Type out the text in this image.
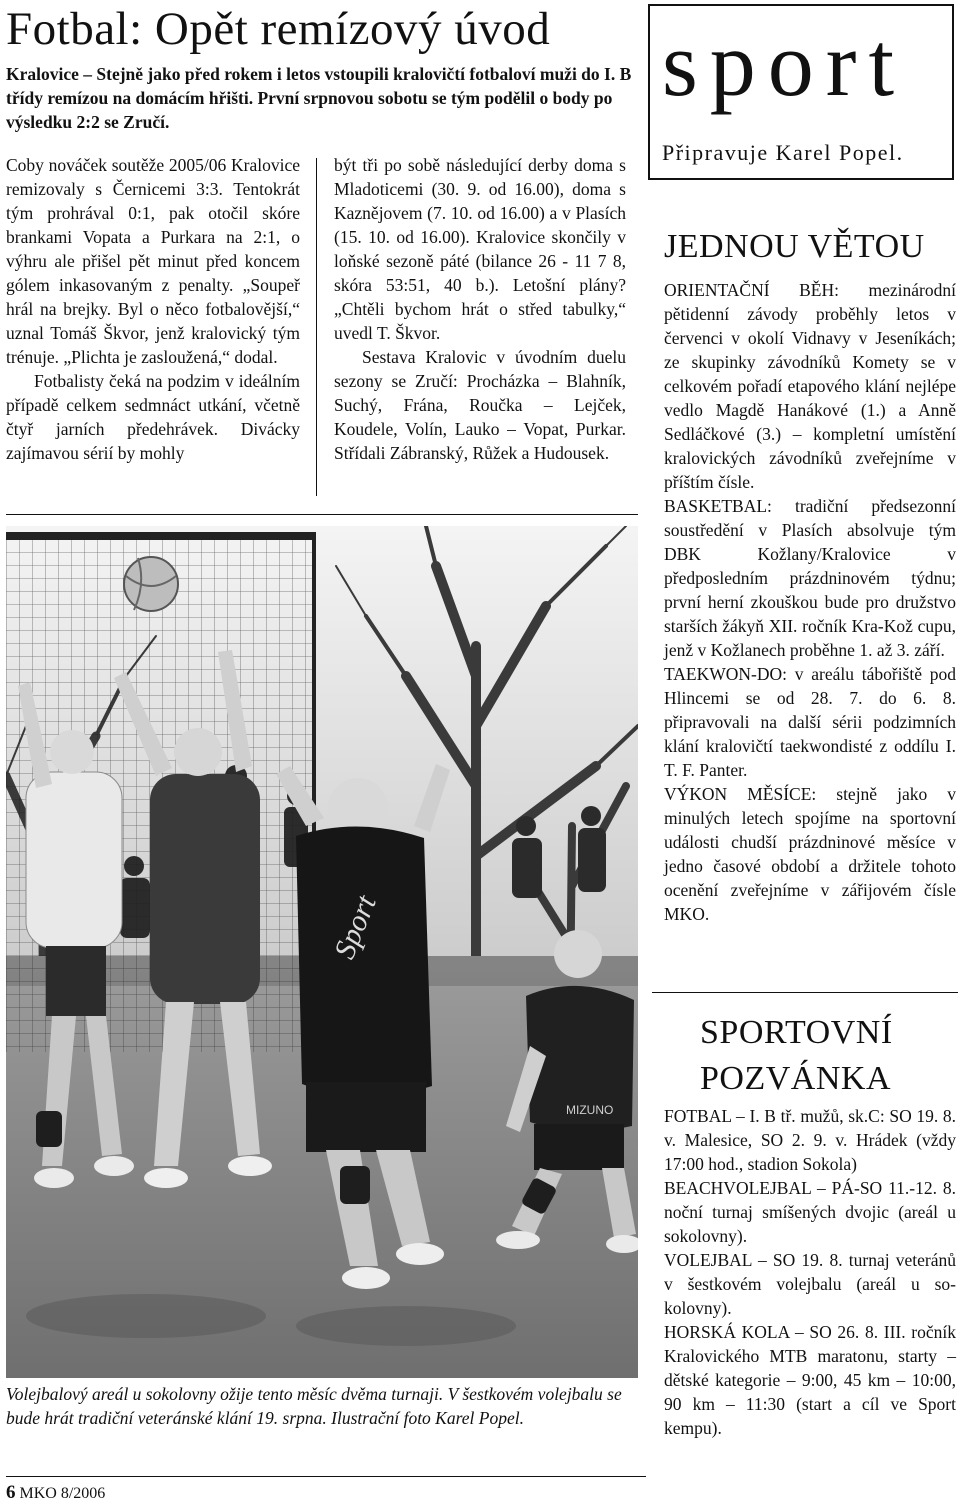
Fotbal: Opět remízový úvod
Kralovice – Stejně jako před rokem i letos vstoupili kralovičtí fotbaloví muži do I. B třídy remízou na domácím hřišti. První srpnovou sobotu se tým podělil o body po výsledku 2:2 se Zručí.

Coby nováček soutěže 2005/06 Kralovice remizovaly s Černicemi 3:3. Tentokrát tým prohrával 0:1, pak otočil skóre brankami Vopata a Purkara na 2:1, o výhru ale přišel pět minut před koncem gólem inkasovaným z penalty. „Soupeř hrál na brejky. Byl o něco fotbalovější,“ uznal Tomáš Škvor, jenž kralovický tým trénuje. „Plichta je zasloužená,“ dodal.

Fotbalisty čeká na podzim v ideálním případě celkem sedmnáct utkání, včetně čtyř jarních předehrávek. Divácky zajímavou sérií by mohly

být tři po sobě následující derby doma s Mladoticemi (30. 9. od 16.00), doma s Kaznějovem (7. 10. od 16.00) a v Plasích (15. 10. od 16.00). Kralovice skončily v loňské sezoně páté (bilance 26 - 11 7 8, skóra 53:51, 40 b.). Letošní plány? „Chtěli bychom hrát o střed tabulky,“ uvedl T. Škvor.

Sestava Kralovic v úvodním duelu sezony se Zručí: Procházka – Blahník, Suchý, Frána, Roučka – Lejček, Koudele, Volín, Lauko – Vopat, Purkar. Střídali Zábranský, Růžek a Hudousek.

Sport
MIZUNO
Volejbalový areál u sokolovny ožije tento měsíc dvěma turnaji. V šestkovém volejbalu se bude hrát tradiční veteránské klání 19. srpna. Ilustrační foto Karel Popel.
6 MKO 8/2006
sport
Připravuje Karel Popel.
JEDNOU VĚTOU

ORIENTAČNÍ BĚH: mezinárodní pětidenní závody proběhly letos v červenci v okolí Vidnavy v Jeseníkách; ze skupinky závodníků Komety se v celkovém pořadí etapového klání nejlépe vedlo Magdě Hanákové (1.) a Anně Sedláčkové (3.) – kompletní umístění kralovických závodníků zveřejníme v příštím čísle.

BASKETBAL: tradiční předsezonní soustředění v Plasích absolvuje tým DBK Kožlany/Kralovice v předposledním prázdninovém týdnu; první herní zkouškou bude pro družstvo starších žákyň XII. ročník Kra-Kož cupu, jenž v Kožlanech proběhne 1. až 3. září.

TAEKWON-DO: v areálu tábořiště pod Hlincemi se od 28. 7. do 6. 8. připravovali na další sérii podzimních klání kralovičtí taekwondisté z oddílu I. T. F. Panter.

VÝKON MĚSÍCE: stejně jako v minulých letech spojíme na sportovní události chudší prázdninové měsíce v jedno časové období a držitele tohoto ocenění zveřejníme v zářijovém čísle MKO.

SPORTOVNÍ POZVÁNKA

FOTBAL – I. B tř. mužů, sk.C: SO 19. 8. v. Malesice, SO 2. 9. v. Hrádek (vždy 17:00 hod., stadion Sokola)

BEACHVOLEJBAL – PÁ-SO 11.-12. 8. noční turnaj smíšených dvojic (areál u sokolovny).

VOLEJBAL – SO 19. 8. turnaj veteránů v šestkovém volejbalu (areál u so-kolovny).

HORSKÁ KOLA – SO 26. 8. III. ročník Kralovického MTB maratonu, starty – dětské kategorie – 9:00, 45 km – 10:00, 90 km – 11:30 (start a cíl ve Sport kempu).
